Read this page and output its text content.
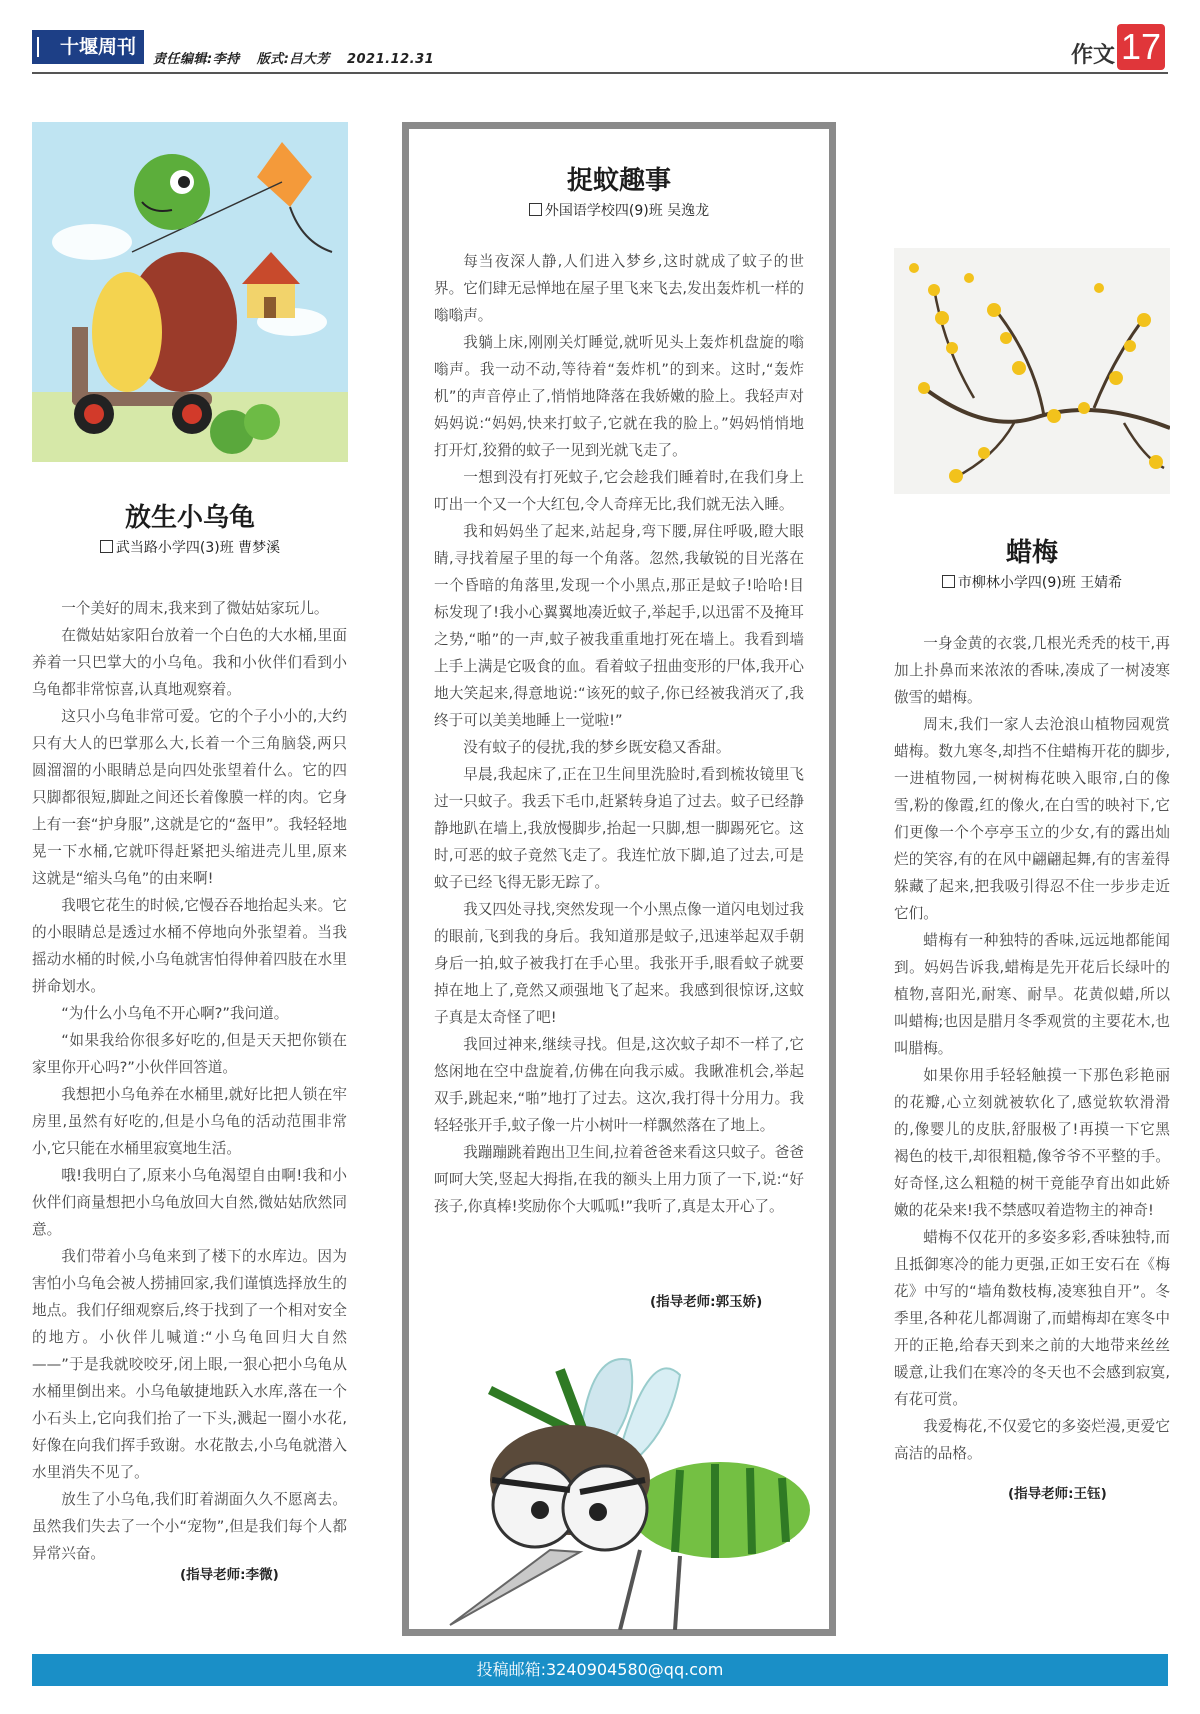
十堰周刊
责任编辑:李持 版式:吕大芳 2021.12.31	作文 17
放生小乌龟
武当路小学四(3)班 曹梦溪

一个美好的周末,我来到了微姑姑家玩儿。

在微姑姑家阳台放着一个白色的大水桶,里面养着一只巴掌大的小乌龟。我和小伙伴们看到小乌龟都非常惊喜,认真地观察着。

这只小乌龟非常可爱。它的个子小小的,大约只有大人的巴掌那么大,长着一个三角脑袋,两只圆溜溜的小眼睛总是向四处张望着什么。它的四只脚都很短,脚趾之间还长着像膜一样的肉。它身上有一套“护身服”,这就是它的“盔甲”。我轻轻地晃一下水桶,它就吓得赶紧把头缩进壳儿里,原来这就是“缩头乌龟”的由来啊!

我喂它花生的时候,它慢吞吞地抬起头来。它的小眼睛总是透过水桶不停地向外张望着。当我摇动水桶的时候,小乌龟就害怕得伸着四肢在水里拼命划水。

“为什么小乌龟不开心啊?”我问道。

“如果我给你很多好吃的,但是天天把你锁在家里你开心吗?”小伙伴回答道。

我想把小乌龟养在水桶里,就好比把人锁在牢房里,虽然有好吃的,但是小乌龟的活动范围非常小,它只能在水桶里寂寞地生活。

哦!我明白了,原来小乌龟渴望自由啊!我和小伙伴们商量想把小乌龟放回大自然,微姑姑欣然同意。

我们带着小乌龟来到了楼下的水库边。因为害怕小乌龟会被人捞捕回家,我们谨慎选择放生的地点。我们仔细观察后,终于找到了一个相对安全的地方。小伙伴儿喊道:“小乌龟回归大自然——”于是我就咬咬牙,闭上眼,一狠心把小乌龟从水桶里倒出来。小乌龟敏捷地跃入水库,落在一个小石头上,它向我们抬了一下头,溅起一圈小水花,好像在向我们挥手致谢。水花散去,小乌龟就潜入水里消失不见了。

放生了小乌龟,我们盯着湖面久久不愿离去。虽然我们失去了一个小“宠物”,但是我们每个人都异常兴奋。

(指导老师:李微)
捉蚊趣事
外国语学校四(9)班 吴逸龙

每当夜深人静,人们进入梦乡,这时就成了蚊子的世界。它们肆无忌惮地在屋子里飞来飞去,发出轰炸机一样的嗡嗡声。

我躺上床,刚刚关灯睡觉,就听见头上轰炸机盘旋的嗡嗡声。我一动不动,等待着“轰炸机”的到来。这时,“轰炸机”的声音停止了,悄悄地降落在我娇嫩的脸上。我轻声对妈妈说:“妈妈,快来打蚊子,它就在我的脸上。”妈妈悄悄地打开灯,狡猾的蚊子一见到光就飞走了。

一想到没有打死蚊子,它会趁我们睡着时,在我们身上叮出一个又一个大红包,令人奇痒无比,我们就无法入睡。

我和妈妈坐了起来,站起身,弯下腰,屏住呼吸,瞪大眼睛,寻找着屋子里的每一个角落。忽然,我敏锐的目光落在一个昏暗的角落里,发现一个小黑点,那正是蚊子!哈哈!目标发现了!我小心翼翼地凑近蚊子,举起手,以迅雷不及掩耳之势,“啪”的一声,蚊子被我重重地打死在墙上。我看到墙上手上满是它吸食的血。看着蚊子扭曲变形的尸体,我开心地大笑起来,得意地说:“该死的蚊子,你已经被我消灭了,我终于可以美美地睡上一觉啦!”

没有蚊子的侵扰,我的梦乡既安稳又香甜。

早晨,我起床了,正在卫生间里洗脸时,看到梳妆镜里飞过一只蚊子。我丢下毛巾,赶紧转身追了过去。蚊子已经静静地趴在墙上,我放慢脚步,抬起一只脚,想一脚踢死它。这时,可恶的蚊子竟然飞走了。我连忙放下脚,追了过去,可是蚊子已经飞得无影无踪了。

我又四处寻找,突然发现一个小黑点像一道闪电划过我的眼前,飞到我的身后。我知道那是蚊子,迅速举起双手朝身后一拍,蚊子被我打在手心里。我张开手,眼看蚊子就要掉在地上了,竟然又顽强地飞了起来。我感到很惊讶,这蚊子真是太奇怪了吧!

我回过神来,继续寻找。但是,这次蚊子却不一样了,它悠闲地在空中盘旋着,仿佛在向我示威。我瞅准机会,举起双手,跳起来,“啪”地打了过去。这次,我打得十分用力。我轻轻张开手,蚊子像一片小树叶一样飘然落在了地上。

我蹦蹦跳着跑出卫生间,拉着爸爸来看这只蚊子。爸爸呵呵大笑,竖起大拇指,在我的额头上用力顶了一下,说:“好孩子,你真棒!奖励你个大呱呱!”我听了,真是太开心了。

(指导老师:郭玉娇)
蜡梅
市柳林小学四(9)班 王婧希

一身金黄的衣裳,几根光秃秃的枝干,再加上扑鼻而来浓浓的香味,凑成了一树凌寒傲雪的蜡梅。

周末,我们一家人去沧浪山植物园观赏蜡梅。数九寒冬,却挡不住蜡梅开花的脚步,一进植物园,一树树梅花映入眼帘,白的像雪,粉的像霞,红的像火,在白雪的映衬下,它们更像一个个亭亭玉立的少女,有的露出灿烂的笑容,有的在风中翩翩起舞,有的害羞得躲藏了起来,把我吸引得忍不住一步步走近它们。

蜡梅有一种独特的香味,远远地都能闻到。妈妈告诉我,蜡梅是先开花后长绿叶的植物,喜阳光,耐寒、耐旱。花黄似蜡,所以叫蜡梅;也因是腊月冬季观赏的主要花木,也叫腊梅。

如果你用手轻轻触摸一下那色彩艳丽的花瓣,心立刻就被软化了,感觉软软滑滑的,像婴儿的皮肤,舒服极了!再摸一下它黑褐色的枝干,却很粗糙,像爷爷不平整的手。好奇怪,这么粗糙的树干竟能孕育出如此娇嫩的花朵来!我不禁感叹着造物主的神奇!

蜡梅不仅花开的多姿多彩,香味独特,而且抵御寒冷的能力更强,正如王安石在《梅花》中写的“墙角数枝梅,凌寒独自开”。冬季里,各种花儿都凋谢了,而蜡梅却在寒冬中开的正艳,给春天到来之前的大地带来丝丝暖意,让我们在寒冷的冬天也不会感到寂寞,有花可赏。

我爱梅花,不仅爱它的多姿烂漫,更爱它高洁的品格。

(指导老师:王钰)
投稿邮箱:3240904580@qq.com
